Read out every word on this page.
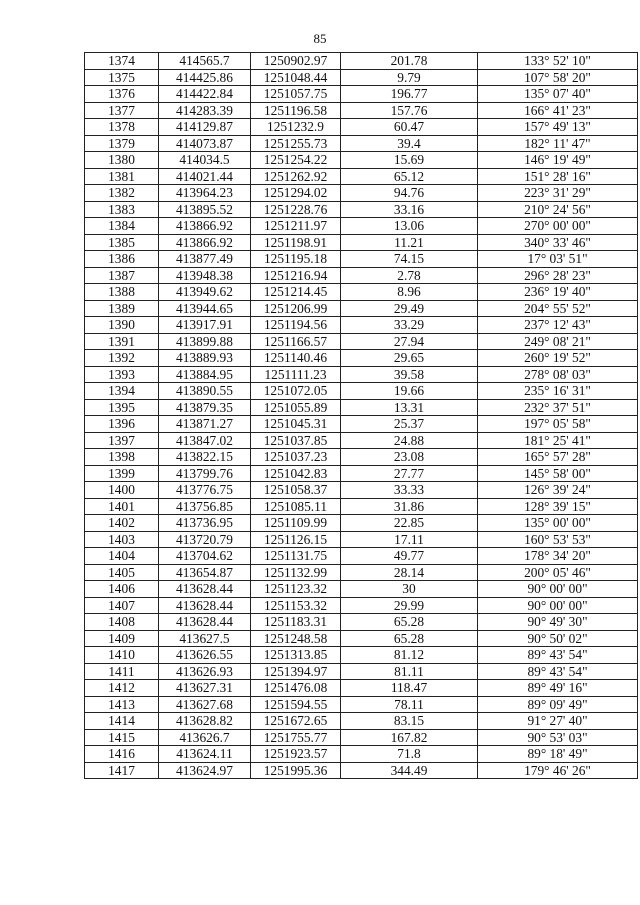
85
1374	414565.7	1250902.97	201.78	133° 52' 10"
1375	414425.86	1251048.44	9.79	107° 58' 20"
1376	414422.84	1251057.75	196.77	135° 07' 40"
1377	414283.39	1251196.58	157.76	166° 41' 23"
1378	414129.87	1251232.9	60.47	157° 49' 13"
1379	414073.87	1251255.73	39.4	182° 11' 47"
1380	414034.5	1251254.22	15.69	146° 19' 49"
1381	414021.44	1251262.92	65.12	151° 28' 16"
1382	413964.23	1251294.02	94.76	223° 31' 29"
1383	413895.52	1251228.76	33.16	210° 24' 56"
1384	413866.92	1251211.97	13.06	270° 00' 00"
1385	413866.92	1251198.91	11.21	340° 33' 46"
1386	413877.49	1251195.18	74.15	17° 03' 51"
1387	413948.38	1251216.94	2.78	296° 28' 23"
1388	413949.62	1251214.45	8.96	236° 19' 40"
1389	413944.65	1251206.99	29.49	204° 55' 52"
1390	413917.91	1251194.56	33.29	237° 12' 43"
1391	413899.88	1251166.57	27.94	249° 08' 21"
1392	413889.93	1251140.46	29.65	260° 19' 52"
1393	413884.95	1251111.23	39.58	278° 08' 03"
1394	413890.55	1251072.05	19.66	235° 16' 31"
1395	413879.35	1251055.89	13.31	232° 37' 51"
1396	413871.27	1251045.31	25.37	197° 05' 58"
1397	413847.02	1251037.85	24.88	181° 25' 41"
1398	413822.15	1251037.23	23.08	165° 57' 28"
1399	413799.76	1251042.83	27.77	145° 58' 00"
1400	413776.75	1251058.37	33.33	126° 39' 24"
1401	413756.85	1251085.11	31.86	128° 39' 15"
1402	413736.95	1251109.99	22.85	135° 00' 00"
1403	413720.79	1251126.15	17.11	160° 53' 53"
1404	413704.62	1251131.75	49.77	178° 34' 20"
1405	413654.87	1251132.99	28.14	200° 05' 46"
1406	413628.44	1251123.32	30	90° 00' 00"
1407	413628.44	1251153.32	29.99	90° 00' 00"
1408	413628.44	1251183.31	65.28	90° 49' 30"
1409	413627.5	1251248.58	65.28	90° 50' 02"
1410	413626.55	1251313.85	81.12	89° 43' 54"
1411	413626.93	1251394.97	81.11	89° 43' 54"
1412	413627.31	1251476.08	118.47	89° 49' 16"
1413	413627.68	1251594.55	78.11	89° 09' 49"
1414	413628.82	1251672.65	83.15	91° 27' 40"
1415	413626.7	1251755.77	167.82	90° 53' 03"
1416	413624.11	1251923.57	71.8	89° 18' 49"
1417	413624.97	1251995.36	344.49	179° 46' 26"
